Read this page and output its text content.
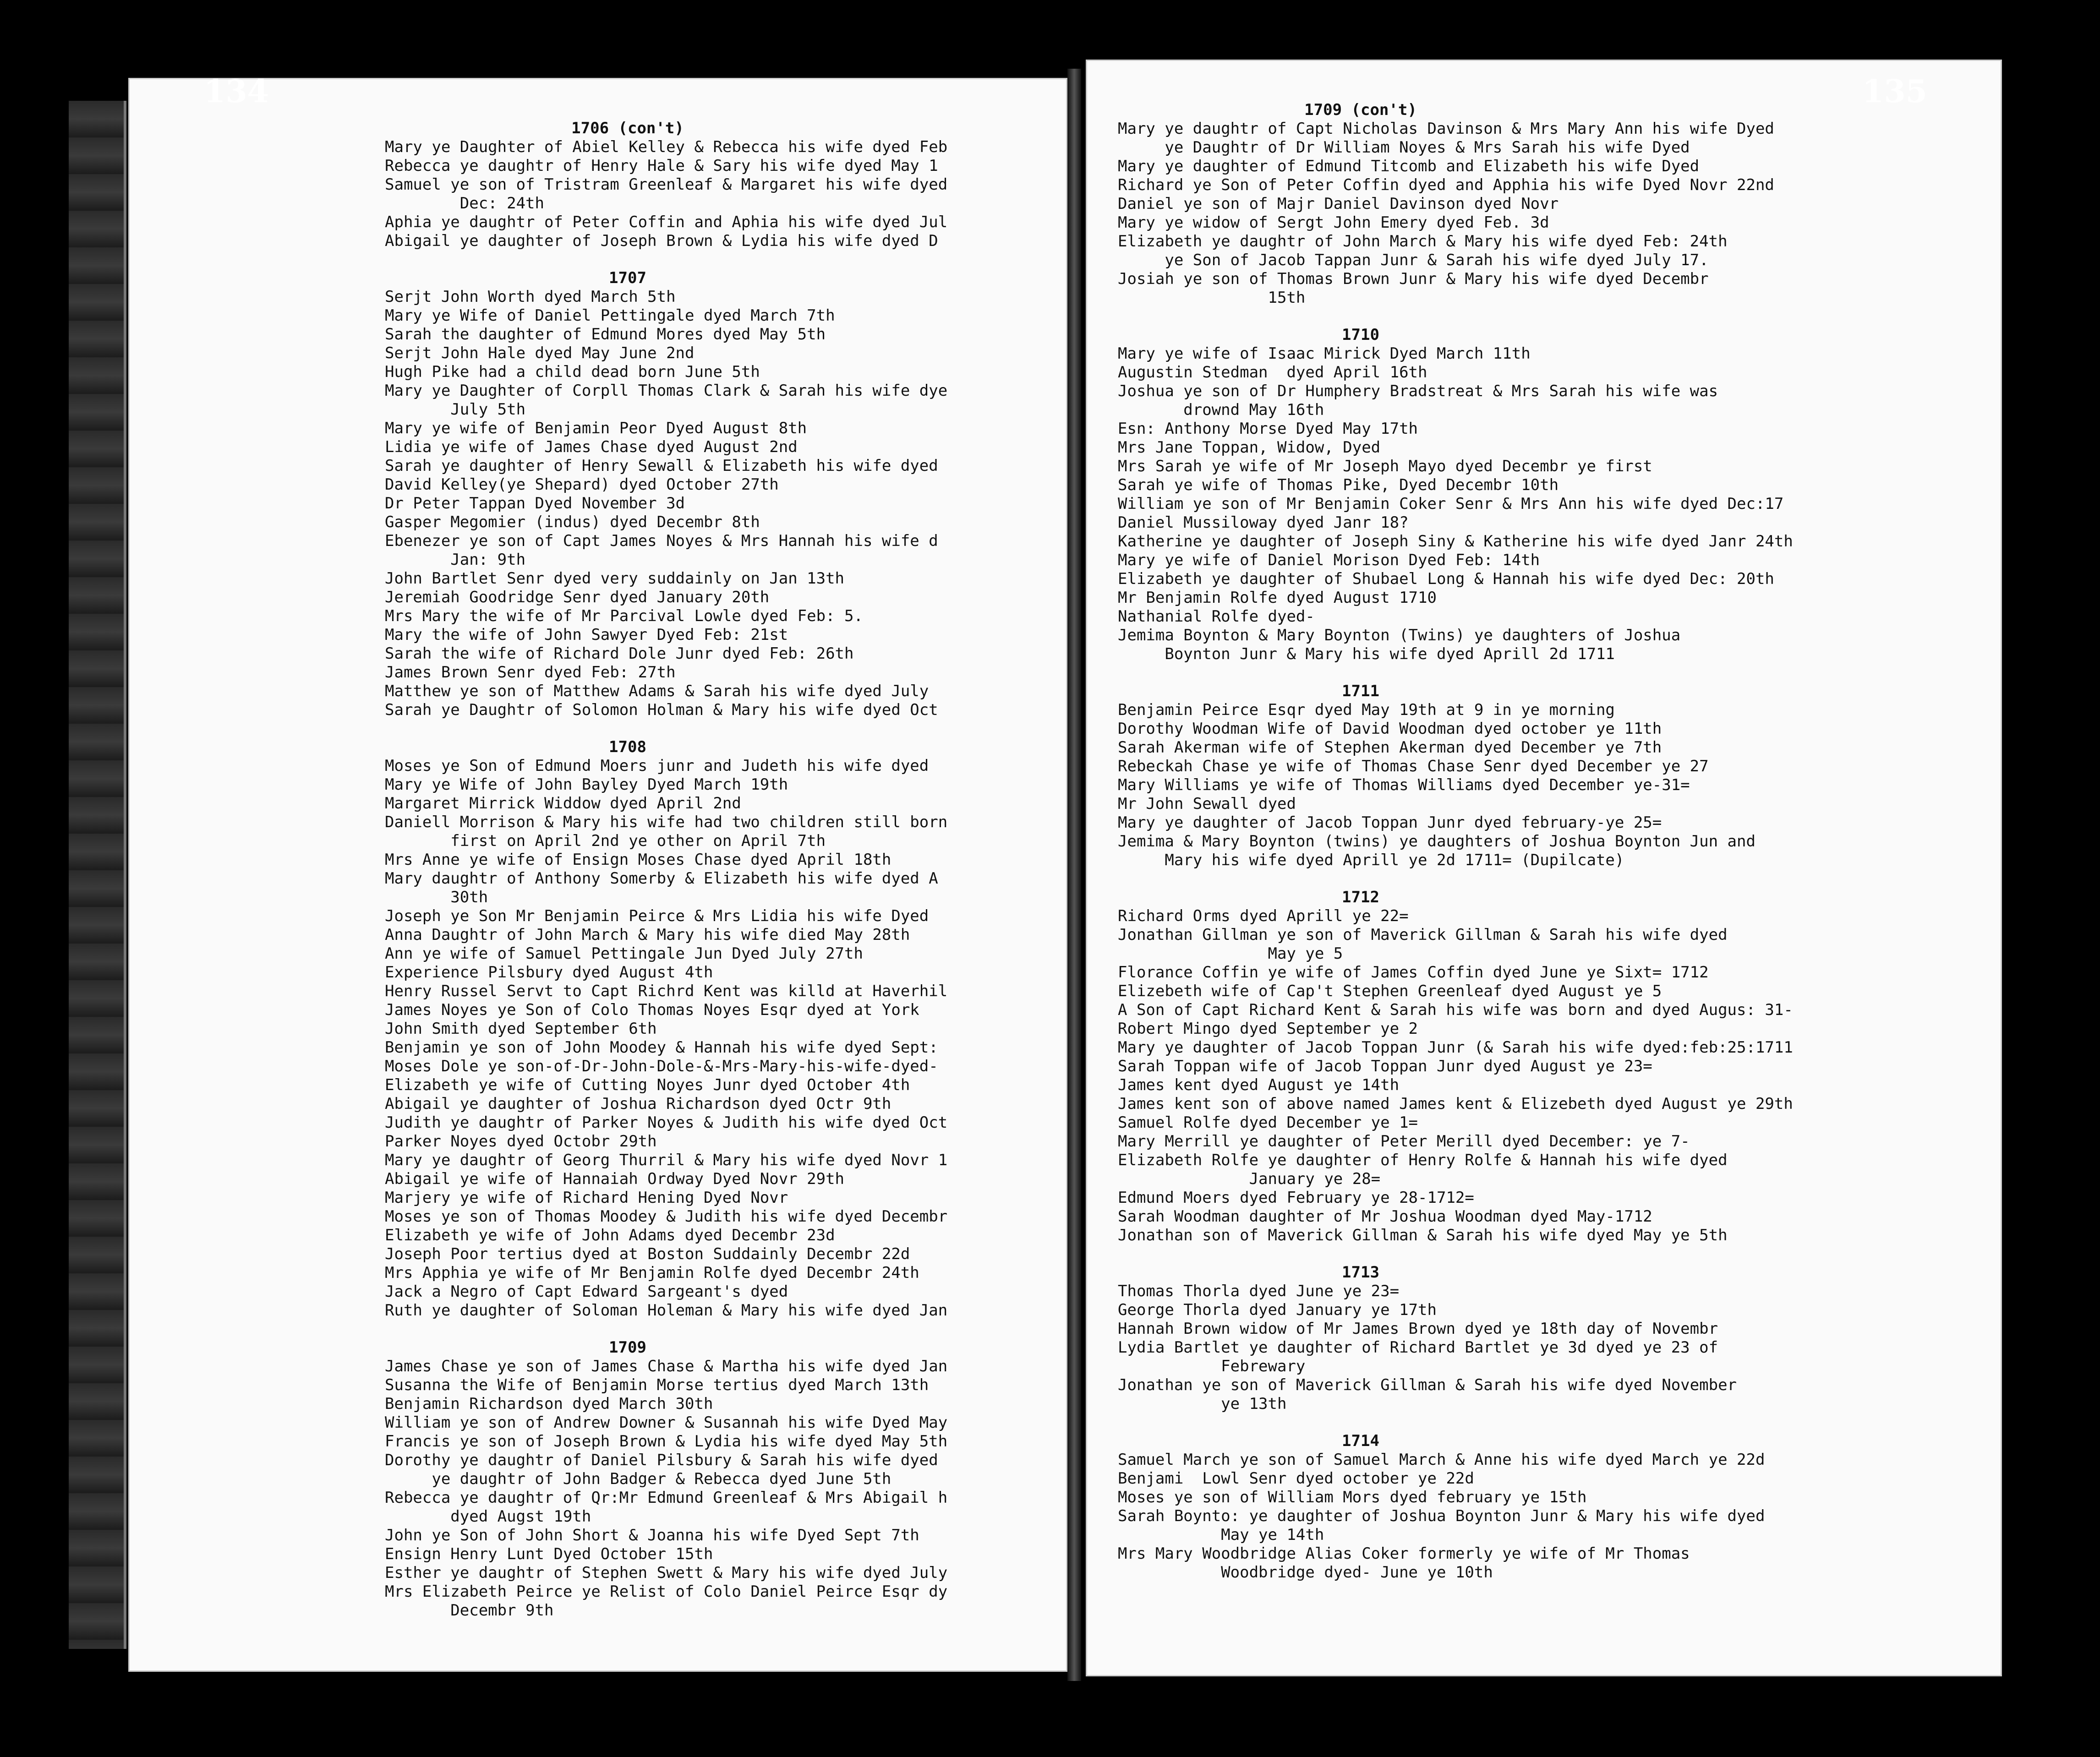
1706 (con't)
Mary ye Daughter of Abiel Kelley & Rebecca his wife dyed Feb
Rebecca ye daughtr of Henry Hale & Sary his wife dyed May 1
Samuel ye son of Tristram Greenleaf & Margaret his wife dyed
Dec: 24th
Aphia ye daughtr of Peter Coffin and Aphia his wife dyed Jul
Abigail ye daughter of Joseph Brown & Lydia his wife dyed D
1707
Serjt John Worth dyed March 5th
Mary ye Wife of Daniel Pettingale dyed March 7th
Sarah the daughter of Edmund Mores dyed May 5th
Serjt John Hale dyed May June 2nd
Hugh Pike had a child dead born June 5th
Mary ye Daughter of Corpll Thomas Clark & Sarah his wife dye
July 5th
Mary ye wife of Benjamin Peor Dyed August 8th
Lidia ye wife of James Chase dyed August 2nd
Sarah ye daughter of Henry Sewall & Elizabeth his wife dyed
David Kelley(ye Shepard) dyed October 27th
Dr Peter Tappan Dyed November 3d
Gasper Megomier (indus) dyed Decembr 8th
Ebenezer ye son of Capt James Noyes & Mrs Hannah his wife d
Jan: 9th
John Bartlet Senr dyed very suddainly on Jan 13th
Jeremiah Goodridge Senr dyed January 20th
Mrs Mary the wife of Mr Parcival Lowle dyed Feb: 5.
Mary the wife of John Sawyer Dyed Feb: 21st
Sarah the wife of Richard Dole Junr dyed Feb: 26th
James Brown Senr dyed Feb: 27th
Matthew ye son of Matthew Adams & Sarah his wife dyed July
Sarah ye Daughtr of Solomon Holman & Mary his wife dyed Oct
1708
Moses ye Son of Edmund Moers junr and Judeth his wife dyed
Mary ye Wife of John Bayley Dyed March 19th
Margaret Mirrick Widdow dyed April 2nd
Daniell Morrison & Mary his wife had two children still born
first on April 2nd ye other on April 7th
Mrs Anne ye wife of Ensign Moses Chase dyed April 18th
Mary daughtr of Anthony Somerby & Elizabeth his wife dyed A
30th
Joseph ye Son Mr Benjamin Peirce & Mrs Lidia his wife Dyed
Anna Daughtr of John March & Mary his wife died May 28th
Ann ye wife of Samuel Pettingale Jun Dyed July 27th
Experience Pilsbury dyed August 4th
Henry Russel Servt to Capt Richrd Kent was killd at Haverhil
James Noyes ye Son of Colo Thomas Noyes Esqr dyed at York
John Smith dyed September 6th
Benjamin ye son of John Moodey & Hannah his wife dyed Sept:
Moses Dole ye son-of-Dr-John-Dole-&-Mrs-Mary-his-wife-dyed-
Elizabeth ye wife of Cutting Noyes Junr dyed October 4th
Abigail ye daughter of Joshua Richardson dyed Octr 9th
Judith ye daughtr of Parker Noyes & Judith his wife dyed Oct
Parker Noyes dyed Octobr 29th
Mary ye daughtr of Georg Thurril & Mary his wife dyed Novr 1
Abigail ye wife of Hannaiah Ordway Dyed Novr 29th
Marjery ye wife of Richard Hening Dyed Novr
Moses ye son of Thomas Moodey & Judith his wife dyed Decembr
Elizabeth ye wife of John Adams dyed Decembr 23d
Joseph Poor tertius dyed at Boston Suddainly Decembr 22d
Mrs Apphia ye wife of Mr Benjamin Rolfe dyed Decembr 24th
Jack a Negro of Capt Edward Sargeant's dyed
Ruth ye daughter of Soloman Holeman & Mary his wife dyed Jan
1709
James Chase ye son of James Chase & Martha his wife dyed Jan
Susanna the Wife of Benjamin Morse tertius dyed March 13th
Benjamin Richardson dyed March 30th
William ye son of Andrew Downer & Susannah his wife Dyed May
Francis ye son of Joseph Brown & Lydia his wife dyed May 5th
Dorothy ye daughtr of Daniel Pilsbury & Sarah his wife dyed
ye daughtr of John Badger & Rebecca dyed June 5th
Rebecca ye daughtr of Qr:Mr Edmund Greenleaf & Mrs Abigail h
dyed Augst 19th
John ye Son of John Short & Joanna his wife Dyed Sept 7th
Ensign Henry Lunt Dyed October 15th
Esther ye daughtr of Stephen Swett & Mary his wife dyed July
Mrs Elizabeth Peirce ye Relist of Colo Daniel Peirce Esqr dy
Decembr 9th
1709 (con't)
Mary ye daughtr of Capt Nicholas Davinson & Mrs Mary Ann his wife Dyed
ye Daughtr of Dr William Noyes & Mrs Sarah his wife Dyed
Mary ye daughter of Edmund Titcomb and Elizabeth his wife Dyed
Richard ye Son of Peter Coffin dyed and Apphia his wife Dyed Novr 22nd
Daniel ye son of Majr Daniel Davinson dyed Novr
Mary ye widow of Sergt John Emery dyed Feb. 3d
Elizabeth ye daughtr of John March & Mary his wife dyed Feb: 24th
ye Son of Jacob Tappan Junr & Sarah his wife dyed July 17.
Josiah ye son of Thomas Brown Junr & Mary his wife dyed Decembr
15th
1710
Mary ye wife of Isaac Mirick Dyed March 11th
Augustin Stedman  dyed April 16th
Joshua ye son of Dr Humphery Bradstreat & Mrs Sarah his wife was
drownd May 16th
Esn: Anthony Morse Dyed May 17th
Mrs Jane Toppan, Widow, Dyed
Mrs Sarah ye wife of Mr Joseph Mayo dyed Decembr ye first
Sarah ye wife of Thomas Pike, Dyed Decembr 10th
William ye son of Mr Benjamin Coker Senr & Mrs Ann his wife dyed Dec:17
Daniel Mussiloway dyed Janr 18?
Katherine ye daughter of Joseph Siny & Katherine his wife dyed Janr 24th
Mary ye wife of Daniel Morison Dyed Feb: 14th
Elizabeth ye daughter of Shubael Long & Hannah his wife dyed Dec: 20th
Mr Benjamin Rolfe dyed August 1710
Nathanial Rolfe dyed-
Jemima Boynton & Mary Boynton (Twins) ye daughters of Joshua
Boynton Junr & Mary his wife dyed Aprill 2d 1711
1711
Benjamin Peirce Esqr dyed May 19th at 9 in ye morning
Dorothy Woodman Wife of David Woodman dyed october ye 11th
Sarah Akerman wife of Stephen Akerman dyed December ye 7th
Rebeckah Chase ye wife of Thomas Chase Senr dyed December ye 27
Mary Williams ye wife of Thomas Williams dyed December ye-31=
Mr John Sewall dyed
Mary ye daughter of Jacob Toppan Junr dyed february-ye 25=
Jemima & Mary Boynton (twins) ye daughters of Joshua Boynton Jun and
Mary his wife dyed Aprill ye 2d 1711= (Dupilcate)
1712
Richard Orms dyed Aprill ye 22=
Jonathan Gillman ye son of Maverick Gillman & Sarah his wife dyed
May ye 5
Florance Coffin ye wife of James Coffin dyed June ye Sixt= 1712
Elizebeth wife of Cap't Stephen Greenleaf dyed August ye 5
A Son of Capt Richard Kent & Sarah his wife was born and dyed Augus: 31-
Robert Mingo dyed September ye 2
Mary ye daughter of Jacob Toppan Junr (& Sarah his wife dyed:feb:25:1711
Sarah Toppan wife of Jacob Toppan Junr dyed August ye 23=
James kent dyed August ye 14th
James kent son of above named James kent & Elizebeth dyed August ye 29th
Samuel Rolfe dyed December ye 1=
Mary Merrill ye daughter of Peter Merill dyed December: ye 7-
Elizabeth Rolfe ye daughter of Henry Rolfe & Hannah his wife dyed
January ye 28=
Edmund Moers dyed February ye 28-1712=
Sarah Woodman daughter of Mr Joshua Woodman dyed May-1712
Jonathan son of Maverick Gillman & Sarah his wife dyed May ye 5th
1713
Thomas Thorla dyed June ye 23=
George Thorla dyed January ye 17th
Hannah Brown widow of Mr James Brown dyed ye 18th day of Novembr
Lydia Bartlet ye daughter of Richard Bartlet ye 3d dyed ye 23 of
Febrewary
Jonathan ye son of Maverick Gillman & Sarah his wife dyed November
ye 13th
1714
Samuel March ye son of Samuel March & Anne his wife dyed March ye 22d
Benjami  Lowl Senr dyed october ye 22d
Moses ye son of William Mors dyed february ye 15th
Sarah Boynto: ye daughter of Joshua Boynton Junr & Mary his wife dyed
May ye 14th
Mrs Mary Woodbridge Alias Coker formerly ye wife of Mr Thomas
Woodbridge dyed- June ye 10th
134	135
